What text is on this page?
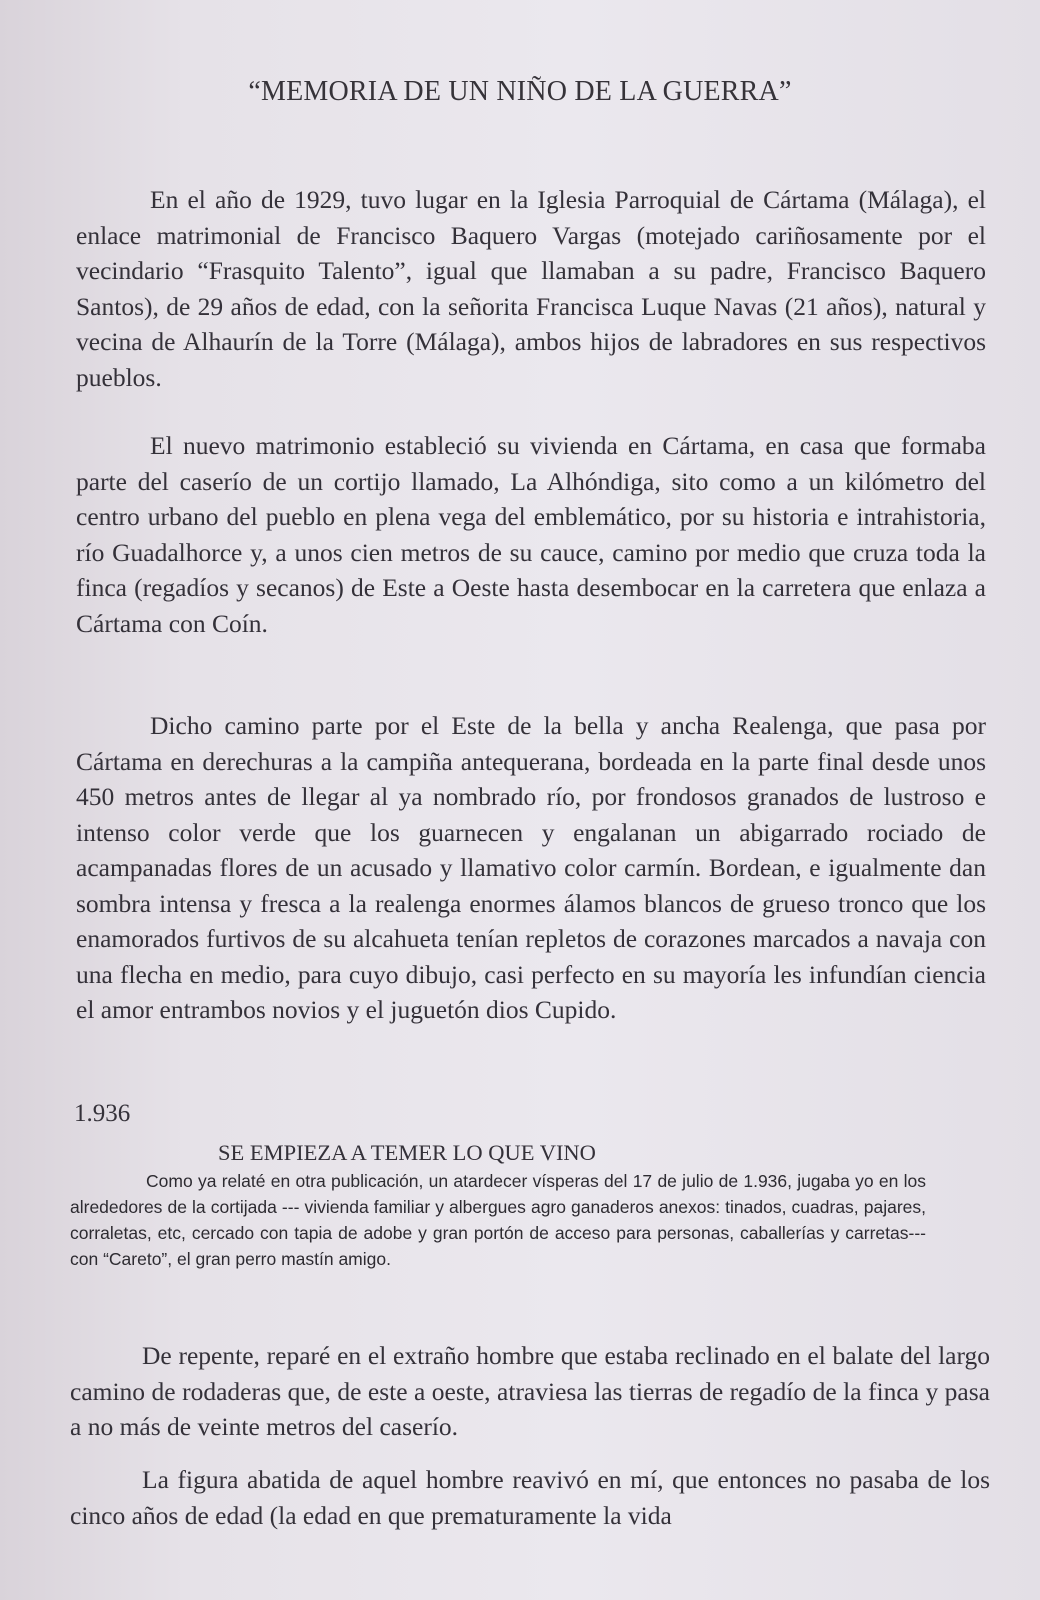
“MEMORIA DE UN NIÑO DE LA GUERRA”

En el año de 1929, tuvo lugar en la Iglesia Parroquial de Cártama (Málaga), el enlace matrimonial de Francisco Baquero Vargas (motejado cariñosamente por el vecindario “Frasquito Talento”, igual que llamaban a su padre, Francisco Baquero Santos), de 29 años de edad, con la señorita Francisca Luque Navas (21 años), natural y vecina de Alhaurín de la Torre (Málaga), ambos hijos de labradores en sus respectivos pueblos.

El nuevo matrimonio estableció su vivienda en Cártama, en casa que formaba parte del caserío de un cortijo llamado, La Alhóndiga, sito como a un kilómetro del centro urbano del pueblo en plena vega del emblemático, por su historia e intrahistoria, río Guadalhorce y, a unos cien metros de su cauce, camino por medio que cruza toda la finca (regadíos y secanos) de Este a Oeste hasta desembocar en la carretera que enlaza a Cártama con Coín.

Dicho camino parte por el Este de la bella y ancha Realenga, que pasa por Cártama en derechuras a la campiña antequerana, bordeada en la parte final desde unos 450 metros antes de llegar al ya nombrado río, por frondosos granados de lustroso e intenso color verde que los guarnecen y engalanan un abigarrado rociado de acampanadas flores de un acusado y llamativo color carmín. Bordean, e igualmente dan sombra intensa y fresca a la realenga enormes álamos blancos de grueso tronco que los enamorados furtivos de su alcahueta tenían repletos de corazones marcados a navaja con una flecha en medio, para cuyo dibujo, casi perfecto en su mayoría les infundían ciencia el amor entrambos novios y el juguetón dios Cupido.

1.936
SE EMPIEZA A TEMER LO QUE VINO

Como ya relaté en otra publicación, un atardecer vísperas del 17 de julio de 1.936, jugaba yo en los alrededores de la cortijada --- vivienda familiar y albergues agro ganaderos anexos: tinados, cuadras, pajares, corraletas, etc, cercado con tapia de adobe y gran portón de acceso para personas, caballerías y carretas--- con “Careto”, el gran perro mastín amigo.

De repente, reparé en el extraño hombre que estaba reclinado en el balate del largo camino de rodaderas que, de este a oeste, atraviesa las tierras de regadío de la finca y pasa a no más de veinte metros del caserío.

La figura abatida de aquel hombre reavivó en mí, que entonces no pasaba de los cinco años de edad (la edad en que prematuramente la vida
